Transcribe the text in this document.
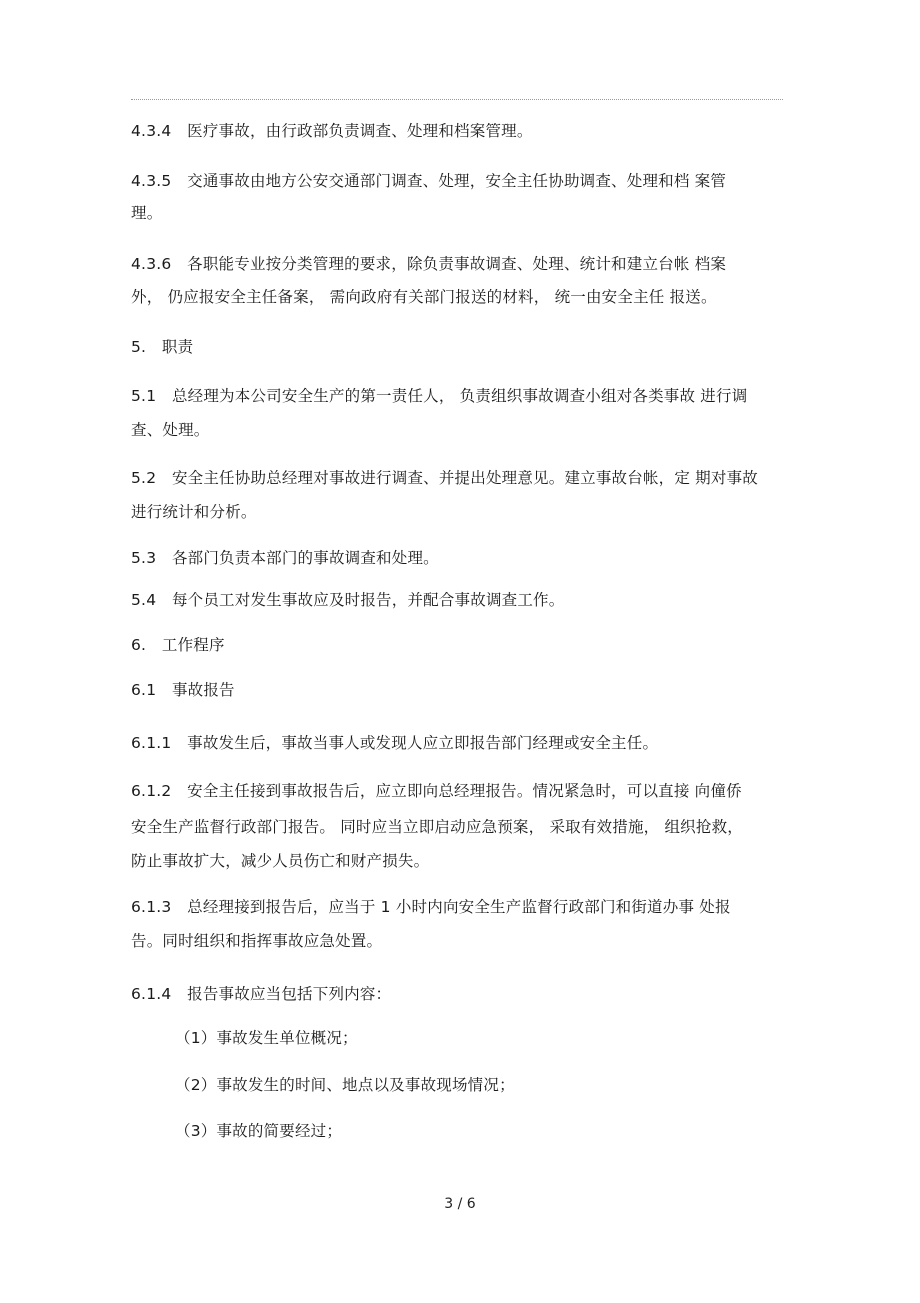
4.3.4　医疗事故，由行政部负责调查、处理和档案管理。
4.3.5　交通事故由地方公安交通部门调查、处理，安全主任协助调查、处理和档 案管
理。
4.3.6　各职能专业按分类管理的要求，除负责事故调查、处理、统计和建立台帐 档案
外， 仍应报安全主任备案， 需向政府有关部门报送的材料， 统一由安全主任 报送。
5.　职责
5.1　总经理为本公司安全生产的第一责任人， 负责组织事故调查小组对各类事故 进行调
查、处理。
5.2　安全主任协助总经理对事故进行调查、并提出处理意见。建立事故台帐，定 期对事故
进行统计和分析。
5.3　各部门负责本部门的事故调查和处理。
5.4　每个员工对发生事故应及时报告，并配合事故调查工作。
6.　工作程序
6.1　事故报告
6.1.1　事故发生后，事故当事人或发现人应立即报告部门经理或安全主任。
6.1.2　安全主任接到事故报告后，应立即向总经理报告。情况紧急时，可以直接 向僮侨
安全生产监督行政部门报告。 同时应当立即启动应急预案， 采取有效措施， 组织抢救，
防止事故扩大，减少人员伤亡和财产损失。
6.1.3　总经理接到报告后，应当于 1 小时内向安全生产监督行政部门和街道办事 处报
告。同时组织和指挥事故应急处置。
6.1.4　报告事故应当包括下列内容：
（1）事故发生单位概况；
（2）事故发生的时间、地点以及事故现场情况；
（3）事故的简要经过；
3 / 6
